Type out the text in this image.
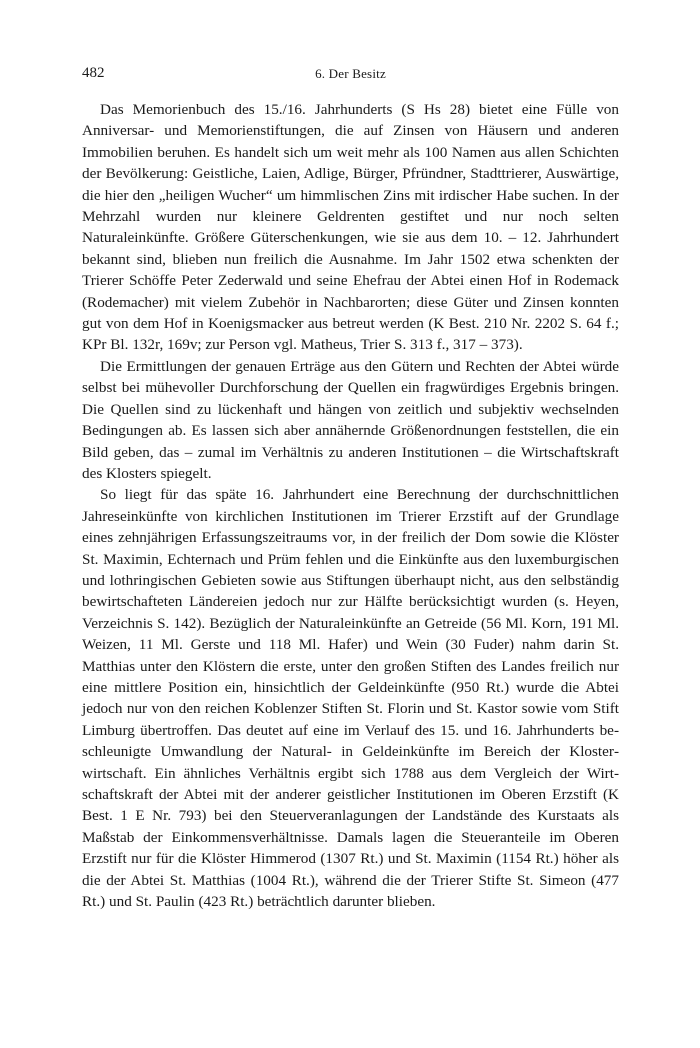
482	6. Der Besitz

Das Memorienbuch des 15./16. Jahrhunderts (S Hs 28) bietet eine Fülle von Anniversar- und Memorienstiftungen, die auf Zinsen von Häusern und anderen Immobilien beruhen. Es handelt sich um weit mehr als 100 Namen aus allen Schichten der Bevölkerung: Geistliche, Laien, Adlige, Bürger, Pfründner, Stadttrierer, Auswärtige, die hier den „heiligen Wucher“ um himmlischen Zins mit irdischer Habe suchen. In der Mehrzahl wurden nur kleinere Geldrenten gestiftet und nur noch selten Naturaleinkünfte. Größere Güterschenkungen, wie sie aus dem 10. – 12. Jahrhundert bekannt sind, blieben nun freilich die Ausnahme. Im Jahr 1502 etwa schenkten der Trierer Schöffe Peter Zederwald und seine Ehefrau der Abtei einen Hof in Rodemack (Rodemacher) mit vielem Zubehör in Nachbarorten; diese Güter und Zinsen konnten gut von dem Hof in Koenigsmacker aus betreut werden (K Best. 210 Nr. 2202 S. 64 f.; KPr Bl. 132r, 169v; zur Person vgl. Matheus, Trier S. 313 f., 317 – 373).

Die Ermittlungen der genauen Erträge aus den Gütern und Rechten der Abtei würde selbst bei mühevoller Durchforschung der Quellen ein fragwürdiges Ergebnis bringen. Die Quellen sind zu lückenhaft und hängen von zeitlich und subjektiv wechselnden Bedingungen ab. Es lassen sich aber annähernde Größenordnungen feststellen, die ein Bild geben, das – zumal im Verhältnis zu anderen Institutionen – die Wirtschaftskraft des Klosters spiegelt.

So liegt für das späte 16. Jahrhundert eine Berechnung der durchschnittlichen Jahreseinkünfte von kirchlichen Institutionen im Trierer Erzstift auf der Grundlage eines zehnjährigen Erfassungszeitraums vor, in der freilich der Dom sowie die Klöster St. Maximin, Echternach und Prüm fehlen und die Einkünfte aus den luxemburgischen und lothringischen Gebieten sowie aus Stiftungen überhaupt nicht, aus den selbständig bewirtschafteten Ländereien jedoch nur zur Hälfte berücksichtigt wurden (s. Heyen, Verzeichnis S. 142). Bezüglich der Naturaleinkünfte an Getreide (56 Ml. Korn, 191 Ml. Weizen, 11 Ml. Gerste und 118 Ml. Hafer) und Wein (30 Fuder) nahm darin St. Matthias unter den Klöstern die erste, unter den großen Stiften des Landes freilich nur eine mittlere Position ein, hinsichtlich der Geldeinkünfte (950 Rt.) wurde die Abtei jedoch nur von den reichen Koblenzer Stiften St. Florin und St. Kastor sowie vom Stift Limburg übertroffen. Das deutet auf eine im Verlauf des 15. und 16. Jahrhunderts beschleunigte Umwandlung der Natural- in Geldeinkünfte im Bereich der Klosterwirtschaft. Ein ähnliches Verhältnis ergibt sich 1788 aus dem Vergleich der Wirtschaftskraft der Abtei mit der anderer geistlicher Institutionen im Oberen Erzstift (K Best. 1 E Nr. 793) bei den Steuerveranlagungen der Landstände des Kurstaats als Maßstab der Einkommensverhältnisse. Damals lagen die Steueranteile im Oberen Erzstift nur für die Klöster Himmerod (1307 Rt.) und St. Maximin (1154 Rt.) höher als die der Abtei St. Matthias (1004 Rt.), während die der Trierer Stifte St. Simeon (477 Rt.) und St. Paulin (423 Rt.) beträchtlich darunter blieben.
